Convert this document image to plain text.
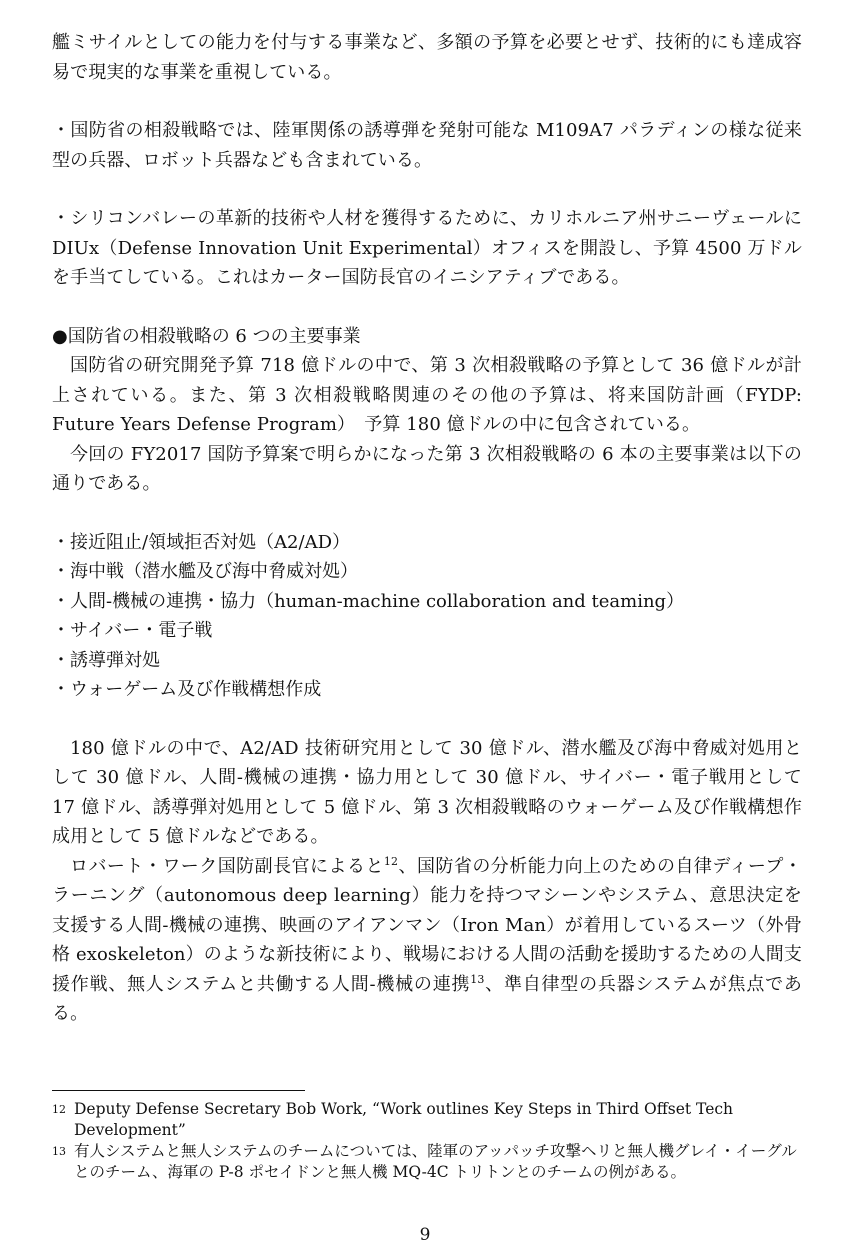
艦ミサイルとしての能力を付与する事業など、多額の予算を必要とせず、技術的にも達成容易で現実的な事業を重視している。

・国防省の相殺戦略では、陸軍関係の誘導弾を発射可能な M109A7 パラディンの様な従来型の兵器、ロボット兵器なども含まれている。

・シリコンバレーの革新的技術や人材を獲得するために、カリホルニア州サニーヴェールに DIUx（Defense Innovation Unit Experimental）オフィスを開設し、予算 4500 万ドルを手当てしている。これはカーター国防長官のイニシアティブである。

●国防省の相殺戦略の 6 つの主要事業

国防省の研究開発予算 718 億ドルの中で、第 3 次相殺戦略の予算として 36 億ドルが計上されている。また、第 3 次相殺戦略関連のその他の予算は、将来国防計画（FYDP: Future Years Defense Program）　予算 180 億ドルの中に包含されている。

今回の FY2017 国防予算案で明らかになった第 3 次相殺戦略の 6 本の主要事業は以下の通りである。

・接近阻止/領域拒否対処（A2/AD）
・海中戦（潜水艦及び海中脅威対処）
・人間-機械の連携・協力（human-machine collaboration and teaming）
・サイバー・電子戦
・誘導弾対処
・ウォーゲーム及び作戦構想作成

180 億ドルの中で、A2/AD 技術研究用として 30 億ドル、潜水艦及び海中脅威対処用として 30 億ドル、人間-機械の連携・協力用として 30 億ドル、サイバー・電子戦用として 17 億ドル、誘導弾対処用として 5 億ドル、第 3 次相殺戦略のウォーゲーム及び作戦構想作成用として 5 億ドルなどである。

ロバート・ワーク国防副長官によると$^{12}$、国防省の分析能力向上のための自律ディープ・ラーニング（autonomous deep learning）能力を持つマシーンやシステム、意思決定を支援する人間-機械の連携、映画のアイアンマン（Iron Man）が着用しているスーツ（外骨格 exoskeleton）のような新技術により、戦場における人間の活動を援助するための人間支援作戦、無人システムと共働する人間-機械の連携$^{13}$、準自律型の兵器システムが焦点である。

12 Deputy Defense Secretary Bob Work, “Work outlines Key Steps in Third Offset Tech Development”
13 有人システムと無人システムのチームについては、陸軍のアッパッチ攻撃ヘリと無人機グレイ・イーグルとのチーム、海軍の P-8 ポセイドンと無人機 MQ-4C トリトンとのチームの例がある。
9
